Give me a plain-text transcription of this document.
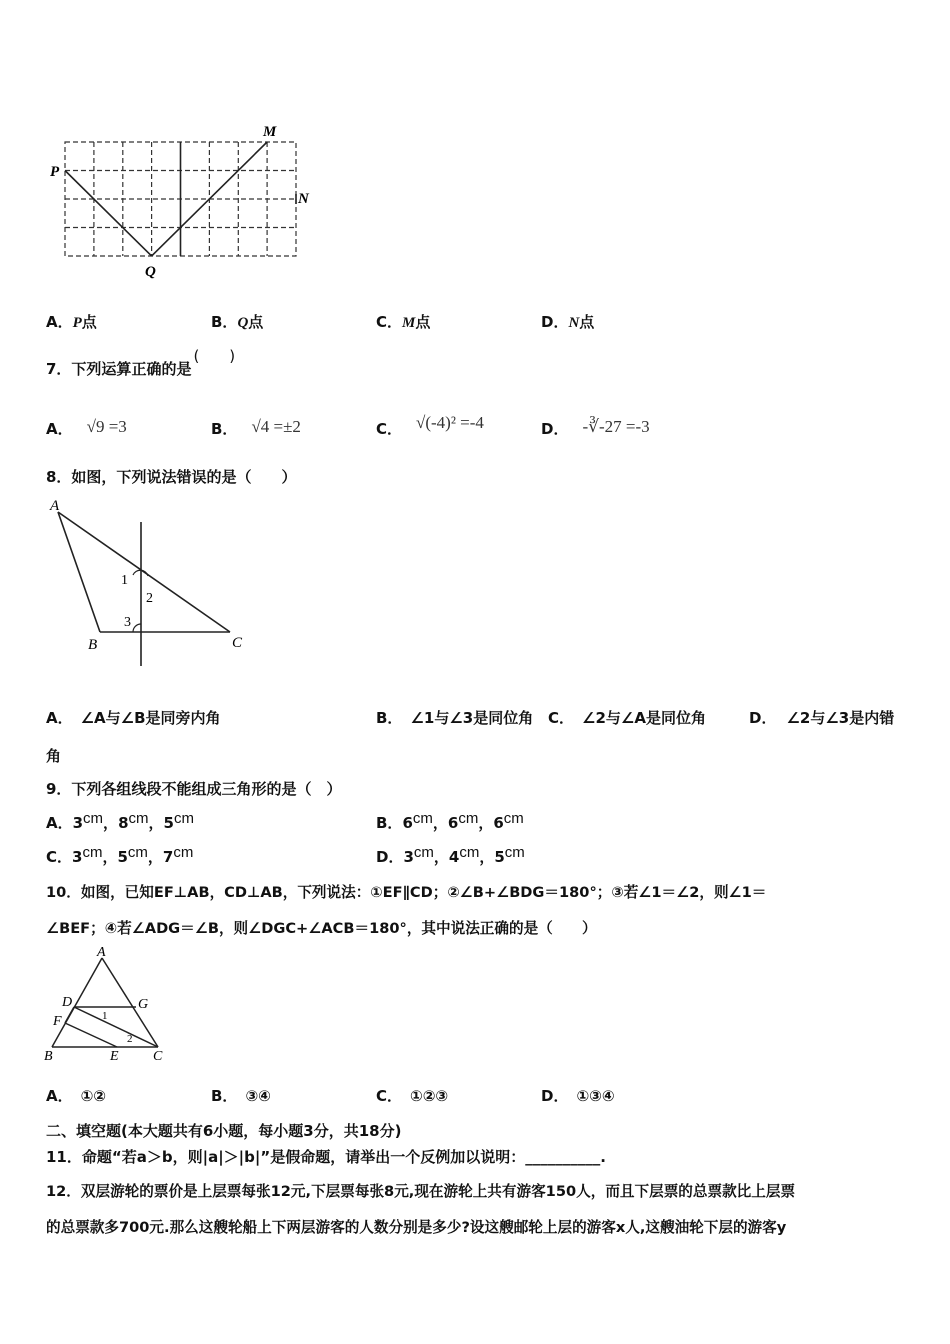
P
Q
M
N
A．P点	B．Q点	C．M点	D．N点
7．下列运算正确的是(　　)
A． √9 =3	B． √4 =±2	C． √(-4)² =-4	D． -∛-27 =-3
8．如图，下列说法错误的是（　　）
A
B	C
1
2
3
A． ∠A与∠B是同旁内角	B． ∠1与∠3是同位角 C． ∠2与∠A是同位角	D． ∠2与∠3是内错
角
9．下列各组线段不能组成三角形的是（　）
A．3cm，8cm，5cm	B．6cm，6cm，6cm
C．3cm，5cm，7cm	D．3cm，4cm，5cm
10．如图，已知EF⊥AB，CD⊥AB，下列说法：①EF∥CD；②∠B+∠BDG＝180°；③若∠1＝∠2，则∠1＝
∠BEF；④若∠ADG＝∠B，则∠DGC+∠ACB＝180°，其中说法正确的是（　　）
A
B	C
D
E
F
G
1
2
A． ①②	B． ③④	C． ①②③	D． ①③④
二、填空题(本大题共有6小题，每小题3分，共18分)
11．命题“若a＞b，则|a|＞|b|”是假命题，请举出一个反例加以说明：__________.
12．双层游轮的票价是上层票每张12元,下层票每张8元,现在游轮上共有游客150人，而且下层票的总票款比上层票
的总票款多700元.那么这艘轮船上下两层游客的人数分别是多少?设这艘邮轮上层的游客x人,这艘油轮下层的游客y
